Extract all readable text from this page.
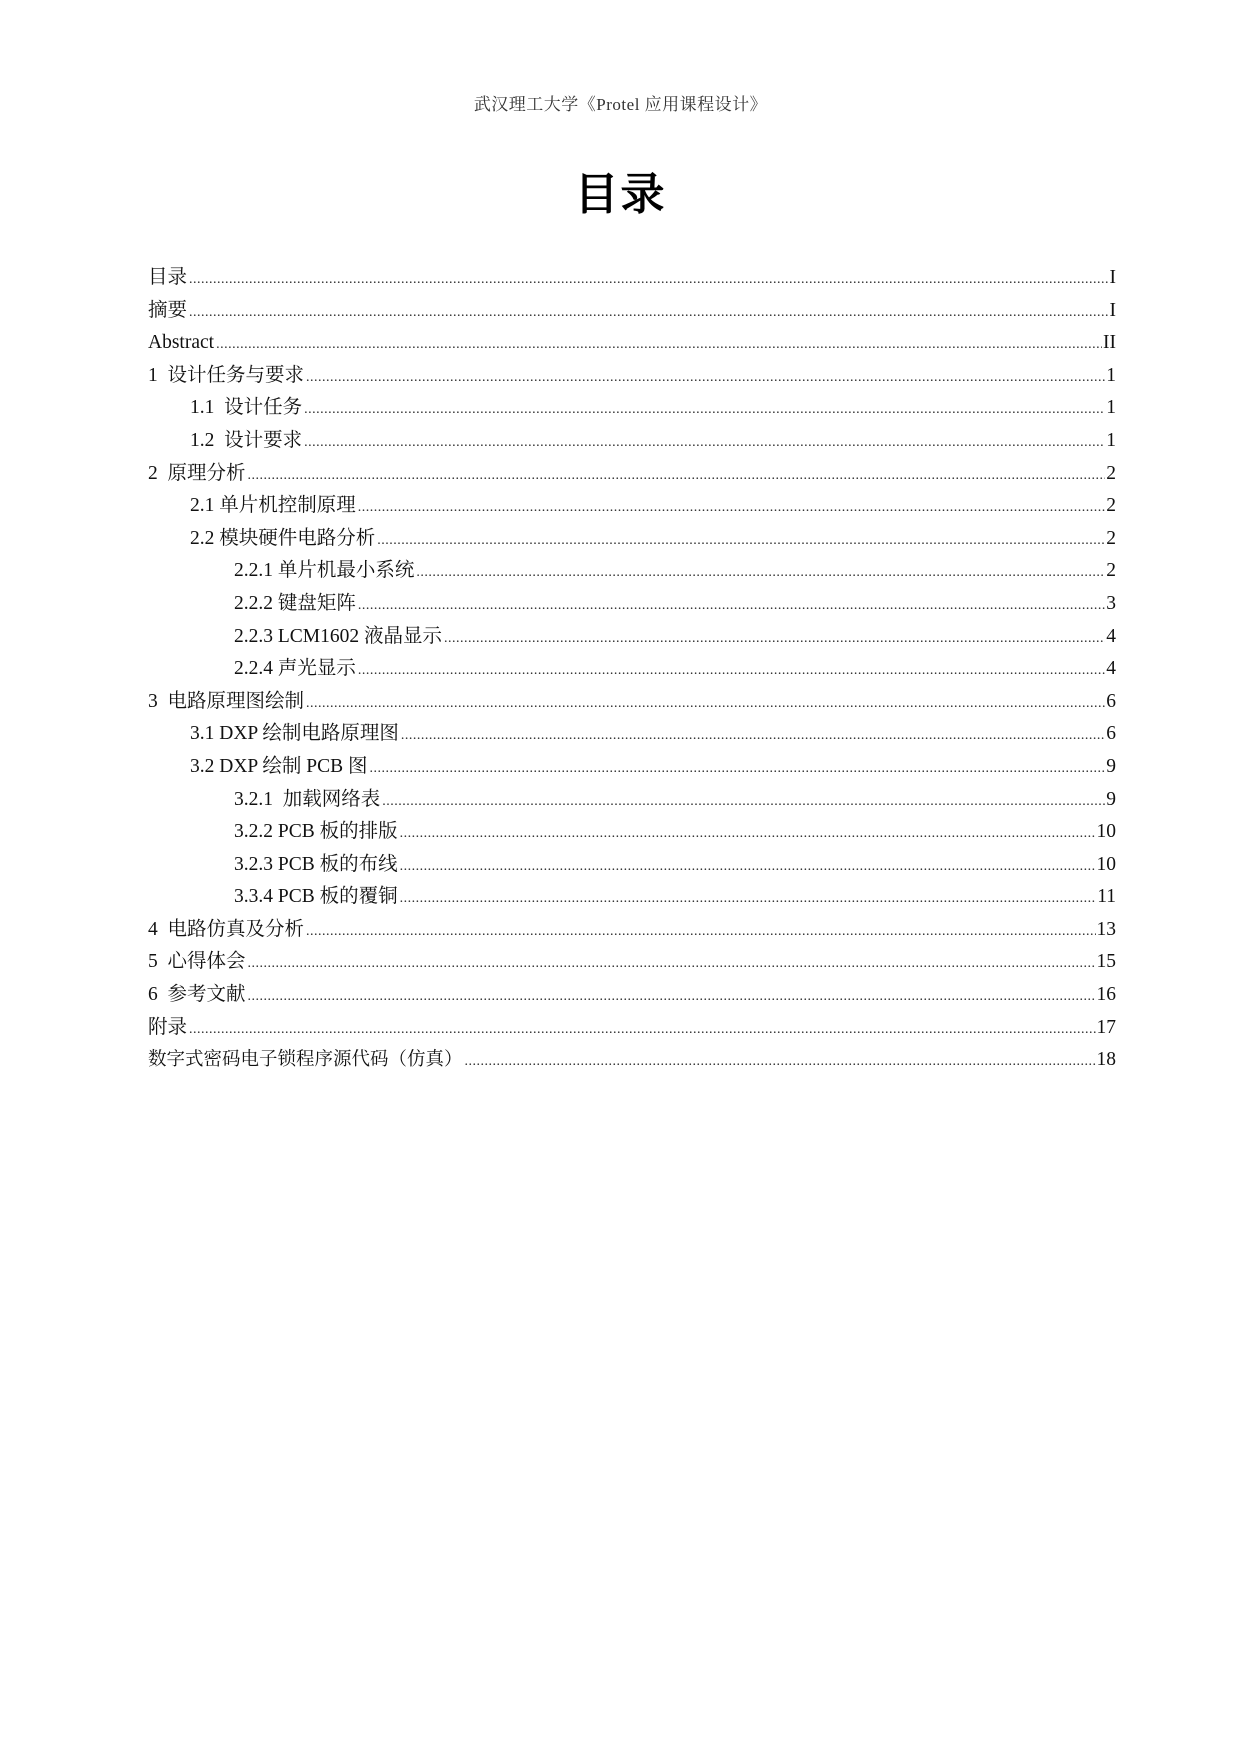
武汉理工大学《Protel 应用课程设计》
目录
目录 .....	I
摘要 .....	I
Abstract .....	II
1  设计任务与要求 .....	1
1.1  设计任务 .....	1
1.2  设计要求 .....	1
2  原理分析 .....	2
2.1 单片机控制原理 .....	2
2.2 模块硬件电路分析 .....	2
2.2.1 单片机最小系统 .....	2
2.2.2 键盘矩阵 .....	3
2.2.3 LCM1602 液晶显示 .....	4
2.2.4 声光显示 .....	4
3  电路原理图绘制 .....	6
3.1 DXP 绘制电路原理图 .....	6
3.2 DXP 绘制 PCB 图 .....	9
3.2.1  加载网络表 .....	9
3.2.2 PCB 板的排版 .....	10
3.2.3 PCB 板的布线 .....	10
3.3.4 PCB 板的覆铜 .....	11
4  电路仿真及分析 .....	13
5  心得体会 .....	15
6  参考文献 .....	16
附录 .....	17
数字式密码电子锁程序源代码（仿真） .....	18
